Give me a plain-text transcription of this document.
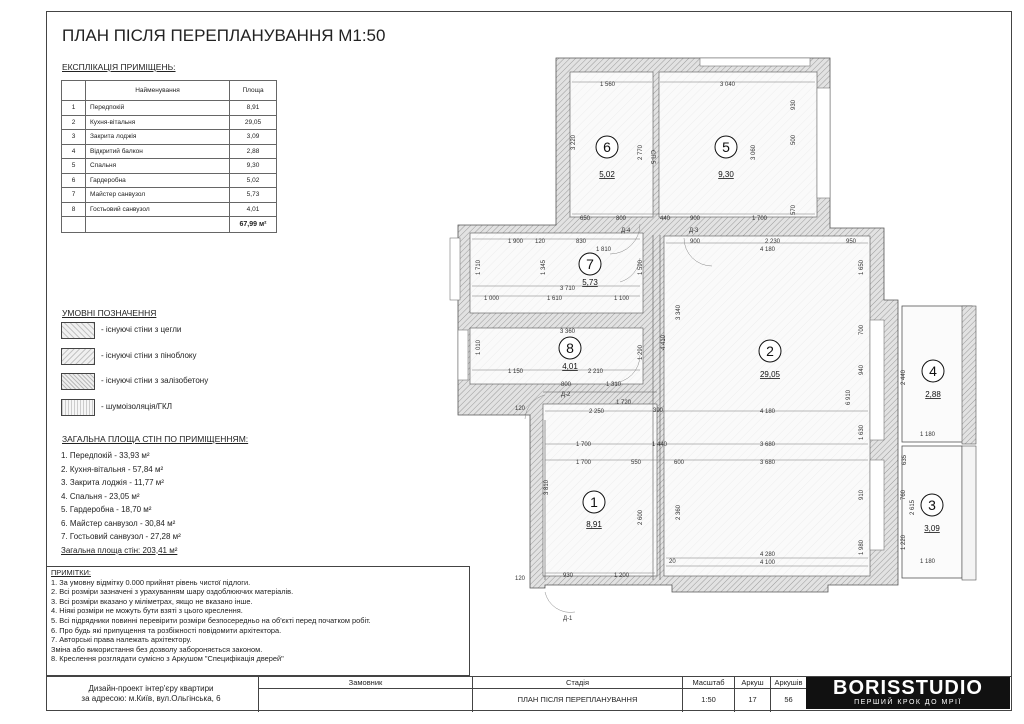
ПЛАН ПІСЛЯ ПЕРЕПЛАНУВАННЯ М1:50
ЕКСПЛІКАЦІЯ ПРИМІЩЕНЬ:
	Найменування	Площа
1	Передпокій	8,91
2	Кухня-вітальня	29,05
3	Закрита лоджія	3,09
4	Відкритий балкон	2,88
5	Спальня	9,30
6	Гардеробна	5,02
7	Майстер санвузол	5,73
8	Гостьовий санвузол	4,01
		67,99 м²
УМОВНІ ПОЗНАЧЕННЯ
- існуючі стіни з цегли
- існуючі стіни з піноблоку
- існуючі стіни з залізобетону
- шумоізоляція/ГКЛ
ЗАГАЛЬНА ПЛОЩА СТІН ПО ПРИМІЩЕННЯМ:
1. Передпокій - 33,93 м²
2. Кухня-вітальня - 57,84 м²
3. Закрита лоджія - 11,77 м²
4. Спальня - 23,05 м²
5. Гардеробна - 18,70 м²
6. Майстер санвузол - 30,84 м²
7. Гостьовий санвузол - 27,28 м²
Загальна площа стін: 203,41 м²
ПРИМІТКИ:
1. За умовну відмітку 0.000 прийнят рівень чистої підлоги.
2. Всі розміри зазначені з урахуванням шару оздоблюючих матеріалів.
3. Всі розміри вказано у міліметрах, якщо не вказано інше.
4. Ніякі розміри не можуть бути взяті з цього креслення.
5. Всі підрядники повинні перевірити розміри безпосередньо на об'єкті перед початком робіт.
6. Про будь які припущення та розбіжності повідомити архітектора.
7. Авторські права належать архітектору.
Зміна або використання без дозволу забороняється законом.
8. Креслення розглядати сумісно з Аркушом "Специфікація дверей"
Замовник	Стадія
ПЛАН ПІСЛЯ ПЕРЕПЛАНУВАННЯ
Масштаб
1:50
Аркуш
17
Аркушів
56
Дизайн-проект інтер'єру квартири
за адресою: м.Київ, вул.Ольгінська, 6	BORISSTUDIO
ПЕРШИЙ КРОК ДО МРІЇ
6
5,02
5
9,30
7
5,73
8
4,01
2
29,05
1
8,91
4
2,88
3
3,09
Д-4	Д-3
Д-2
Д-1
СП-5
1 560	3 040
3 220
2 770	3 060
650	800	440	900	1 700
1 900	830
1 810
900	2 230	950
4 180
3 710
1 000	1 610	1 100
1 710	1 345
3 360
1 150	2 210
800	1 310
1 720
390
2 250	4 180
1 700	1 440	3 680
1 700	550	600	3 680
3 810
2 600	2 360
4 410
3 340
6 910
2 440
1 180
1 630
760
2 615
1 220
1 180
4 280
4 100
1 980
930	1 200
120
120
120
1 010	1 290
1 590	1 650
700
940
635
910
20
500
930
570
